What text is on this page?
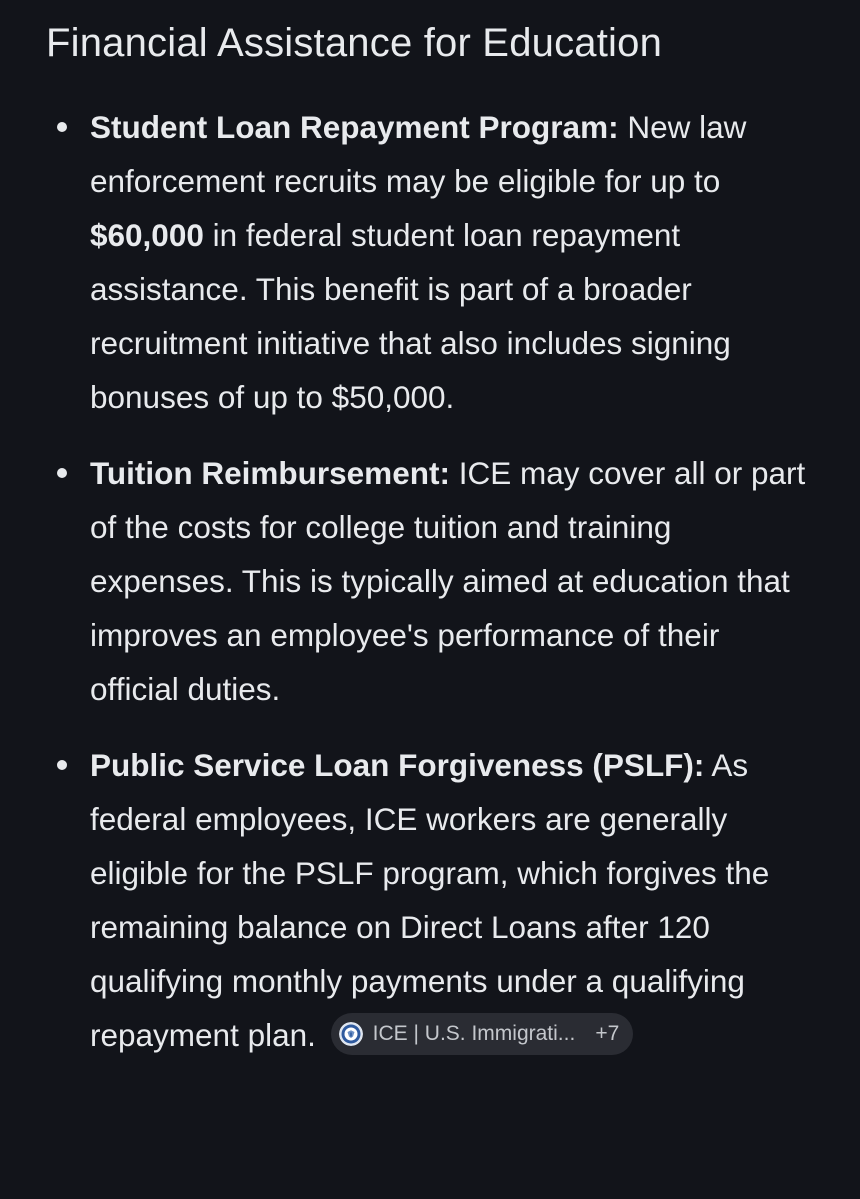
Financial Assistance for Education
Student Loan Repayment Program: New law enforcement recruits may be eligible for up to $60,000 in federal student loan repayment assistance. This benefit is part of a broader recruitment initiative that also includes signing bonuses of up to $50,000.
Tuition Reimbursement: ICE may cover all or part of the costs for college tuition and training expenses. This is typically aimed at education that improves an employee's performance of their official duties.
Public Service Loan Forgiveness (PSLF): As federal employees, ICE workers are generally eligible for the PSLF program, which forgives the remaining balance on Direct Loans after 120 qualifying monthly payments under a qualifying repayment plan.	ICE | U.S. Immigrati... +7
